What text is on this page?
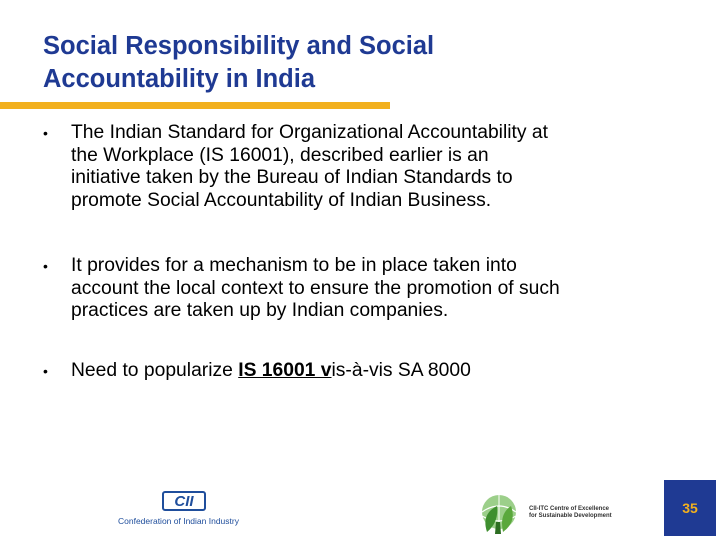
Social Responsibility and Social
Accountability in India
• The Indian Standard for Organizational Accountability at
the Workplace (IS 16001), described earlier is an
initiative taken by the Bureau of Indian Standards to
promote Social Accountability of Indian Business.
• It provides for a mechanism to be in place taken into
account the local context to ensure the promotion of such
practices are taken up by Indian companies.
• Need to popularize IS 16001 vis-à-vis SA 8000
CII
Confederation of Indian Industry
CII-ITC Centre of Excellence
for Sustainable Development	35
